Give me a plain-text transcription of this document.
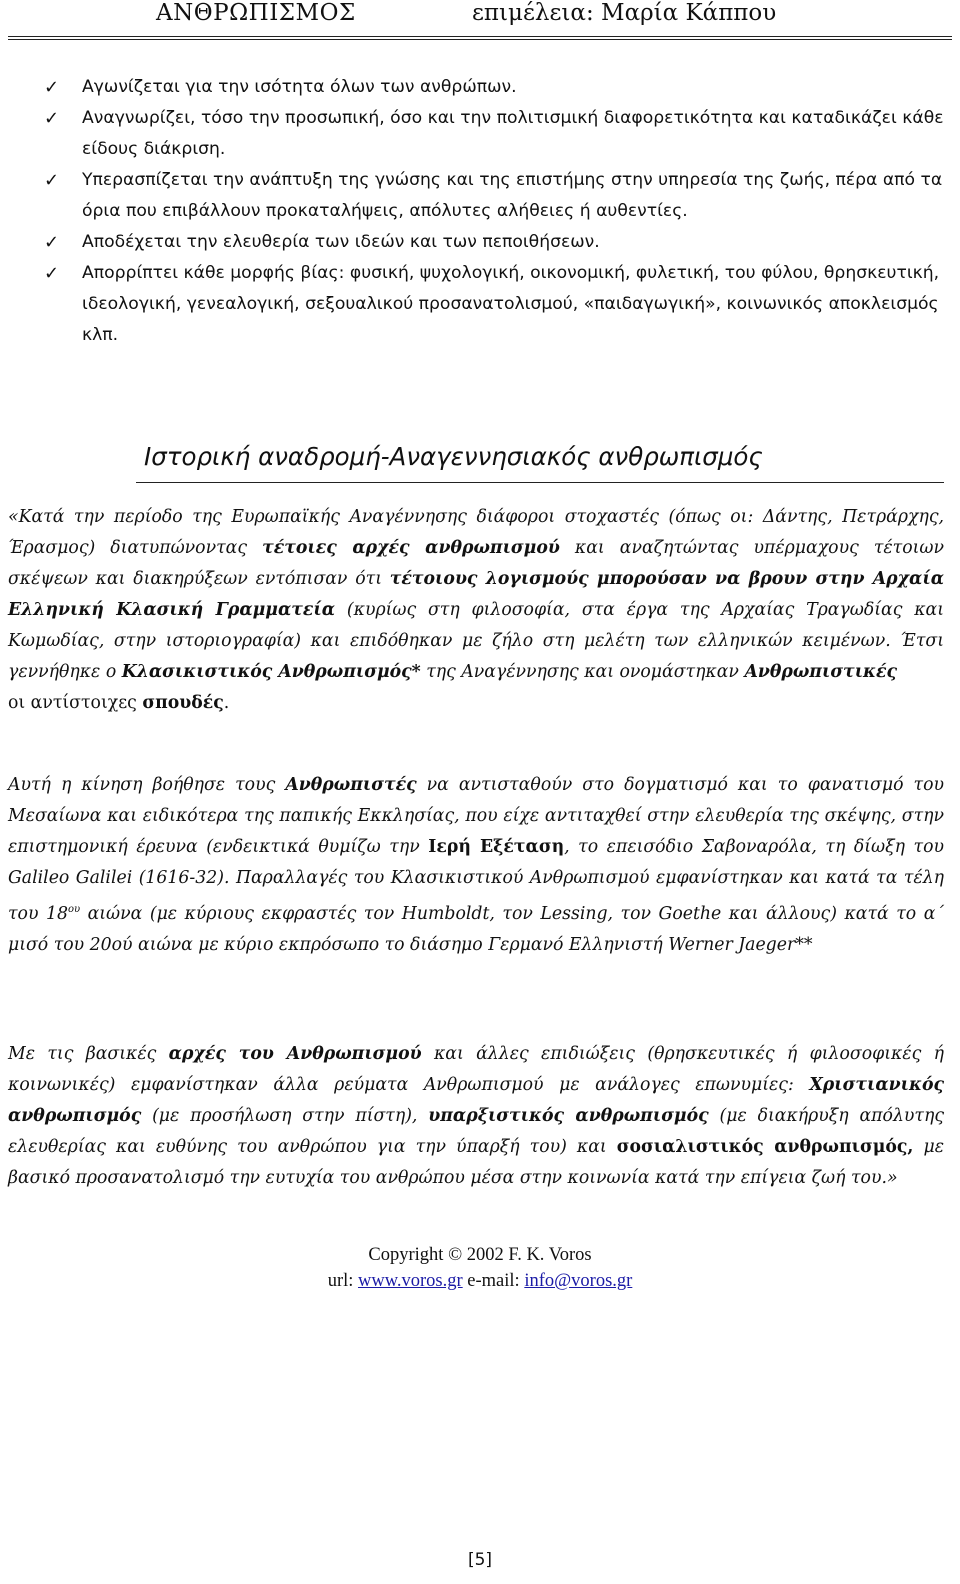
ΑΝΘΡΩΠΙΣΜΟΣ	επιμέλεια: Μαρία Κάππου
✓ Αγωνίζεται για την ισότητα όλων των ανθρώπων.
✓ Αναγνωρίζει, τόσο την προσωπική, όσο και την πολιτισμική διαφορετικότητα και καταδικάζει κάθε είδους διάκριση.
✓ Υπερασπίζεται την ανάπτυξη της γνώσης και της επιστήμης στην υπηρεσία της ζωής, πέρα από τα όρια που επιβάλλουν προκαταλήψεις, απόλυτες αλήθειες ή αυθεντίες.
✓ Αποδέχεται την ελευθερία των ιδεών και των πεποιθήσεων.
✓ Απορρίπτει κάθε μορφής βίας: φυσική, ψυχολογική, οικονομική, φυλετική, του φύλου, θρησκευτική, ιδεολογική, γενεαλογική, σεξουαλικού προσανατολισμού, «παιδαγωγική», κοινωνικός αποκλεισμός κλπ.
Ιστορική αναδρομή-Αναγεννησιακός ανθρωπισμός

«Κατά την περίοδο της Ευρωπαϊκής Αναγέννησης διάφοροι στοχαστές (όπως οι: Δάντης, Πετράρχης, Έρασμος) διατυπώνοντας τέτοιες αρχές ανθρωπισμού και αναζητώντας υπέρμαχους τέτοιων σκέψεων και διακηρύξεων εντόπισαν ότι τέτοιους λογισμούς μπορούσαν να βρουν στην Αρχαία Ελληνική Κλασική Γραμματεία (κυρίως στη φιλοσοφία, στα έργα της Αρχαίας Τραγωδίας και Κωμωδίας, στην ιστοριογραφία) και επιδόθηκαν με ζήλο στη μελέτη των ελληνικών κειμένων. Έτσι γεννήθηκε ο Κλασικιστικός Ανθρωπισμός* της Αναγέννησης και ονομάστηκαν Ανθρωπιστικές
οι αντίστοιχες σπουδές.

Αυτή η κίνηση βοήθησε τους Ανθρωπιστές να αντισταθούν στο δογματισμό και το φανατισμό του Μεσαίωνα και ειδικότερα της παπικής Εκκλησίας, που είχε αντιταχθεί στην ελευθερία της σκέψης, στην επιστημονική έρευνα (ενδεικτικά θυμίζω την Ιερή Εξέταση, το επεισόδιο Σαβοναρόλα, τη δίωξη του Galileo Galilei (1616-32). Παραλλαγές του Κλασικιστικού Ανθρωπισμού εμφανίστηκαν και κατά τα τέλη του $18^{o\upsilon}$ αιώνα (με κύριους εκφραστές τον Humboldt, τον Lessing, τον Goethe και άλλους) κατά το α΄ μισό του 20ού αιώνα με κύριο εκπρόσωπο το διάσημο Γερμανό Ελληνιστή Werner Jaeger**

Με τις βασικές αρχές του Ανθρωπισμού και άλλες επιδιώξεις (θρησκευτικές ή φιλοσοφικές ή κοινωνικές) εμφανίστηκαν άλλα ρεύματα Ανθρωπισμού με ανάλογες επωνυμίες: Χριστιανικός ανθρωπισμός (με προσήλωση στην πίστη), υπαρξιστικός ανθρωπισμός (με διακήρυξη απόλυτης ελευθερίας και ευθύνης του ανθρώπου για την ύπαρξή του) και σοσιαλιστικός ανθρωπισμός, με βασικό προσανατολισμό την ευτυχία του ανθρώπου μέσα στην κοινωνία κατά την επίγεια ζωή του.»

Copyright © 2002 F. K. Voros
url: www.voros.gr e-mail: info@voros.gr
[5]
